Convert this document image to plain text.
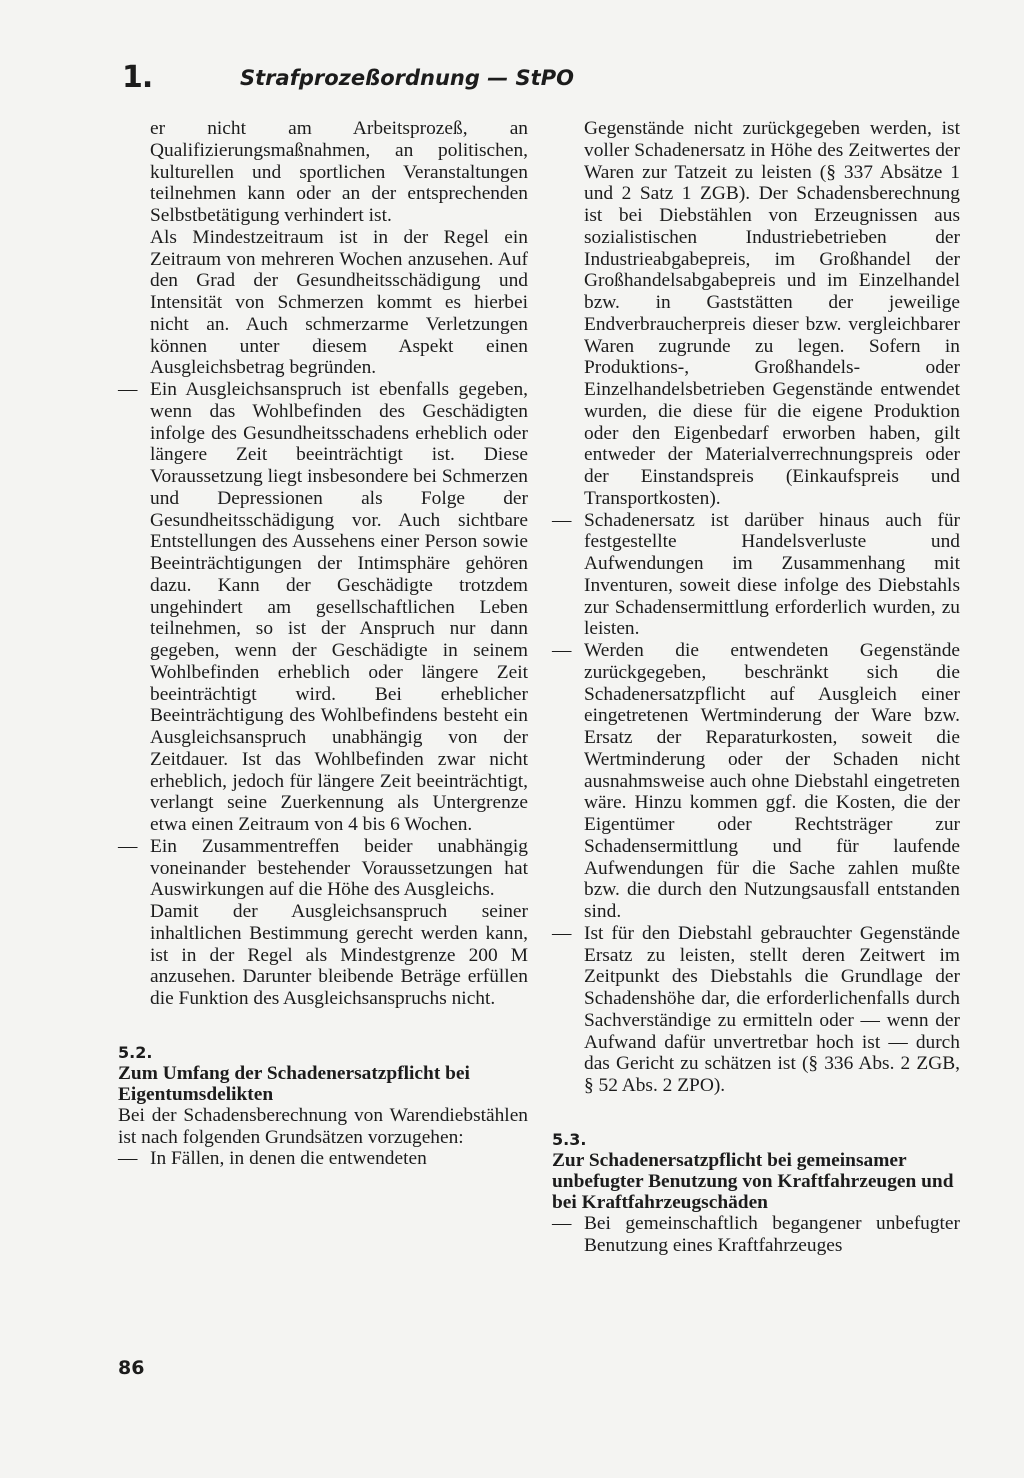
1.	Strafprozeßordnung — StPO

er nicht am Arbeitsprozeß, an Qualifizierungsmaßnahmen, an politischen, kulturellen und sportlichen Veranstaltungen teilnehmen kann oder an der entsprechenden Selbstbetätigung verhindert ist.

Als Mindestzeitraum ist in der Regel ein Zeitraum von mehreren Wochen anzusehen. Auf den Grad der Gesundheitsschädigung und Intensität von Schmerzen kommt es hierbei nicht an. Auch schmerzarme Verletzungen können unter diesem Aspekt einen Ausgleichsbetrag begründen.

— Ein Ausgleichsanspruch ist ebenfalls gegeben, wenn das Wohlbefinden des Geschädigten infolge des Gesundheitsschadens erheblich oder längere Zeit beeinträchtigt ist. Diese Voraussetzung liegt insbesondere bei Schmerzen und Depressionen als Folge der Gesundheitsschädigung vor. Auch sichtbare Entstellungen des Aussehens einer Person sowie Beeinträchtigungen der Intimsphäre gehören dazu. Kann der Geschädigte trotzdem ungehindert am gesellschaftlichen Leben teilnehmen, so ist der Anspruch nur dann gegeben, wenn der Geschädigte in seinem Wohlbefinden erheblich oder längere Zeit beeinträchtigt wird. Bei erheblicher Beeinträchtigung des Wohlbefindens besteht ein Ausgleichsanspruch unabhängig von der Zeitdauer. Ist das Wohlbefinden zwar nicht erheblich, jedoch für längere Zeit beeinträchtigt, verlangt seine Zuerkennung als Untergrenze etwa einen Zeitraum von 4 bis 6 Wochen.
— Ein Zusammentreffen beider unabhängig voneinander bestehender Voraussetzungen hat Auswirkungen auf die Höhe des Ausgleichs.

Damit der Ausgleichsanspruch seiner inhaltlichen Bestimmung gerecht werden kann, ist in der Regel als Mindestgrenze 200 M anzusehen. Darunter bleibende Beträge erfüllen die Funktion des Ausgleichsanspruchs nicht.

5.2.

Zum Umfang der Schadenersatzpflicht bei Eigentumsdelikten

Bei der Schadensberechnung von Warendiebstählen ist nach folgenden Grundsätzen vorzugehen:

— In Fällen, in denen die entwendeten

Gegenstände nicht zurückgegeben werden, ist voller Schadenersatz in Höhe des Zeitwertes der Waren zur Tatzeit zu leisten (§ 337 Absätze 1 und 2 Satz 1 ZGB). Der Schadensberechnung ist bei Diebstählen von Erzeugnissen aus sozialistischen Industriebetrieben der Industrieabgabepreis, im Großhandel der Großhandelsabgabepreis und im Einzelhandel bzw. in Gaststätten der jeweilige Endverbraucherpreis dieser bzw. vergleichbarer Waren zugrunde zu legen. Sofern in Produktions-, Großhandels- oder Einzelhandelsbetrieben Gegenstände entwendet wurden, die diese für die eigene Produktion oder den Eigenbedarf erworben haben, gilt entweder der Materialverrechnungspreis oder der Einstandspreis (Einkaufspreis und Transportkosten).

— Schadenersatz ist darüber hinaus auch für festgestellte Handelsverluste und Aufwendungen im Zusammenhang mit Inventuren, soweit diese infolge des Diebstahls zur Schadensermittlung erforderlich wurden, zu leisten.
— Werden die entwendeten Gegenstände zurückgegeben, beschränkt sich die Schadenersatzpflicht auf Ausgleich einer eingetretenen Wertminderung der Ware bzw. Ersatz der Reparaturkosten, soweit die Wertminderung oder der Schaden nicht ausnahmsweise auch ohne Diebstahl eingetreten wäre. Hinzu kommen ggf. die Kosten, die der Eigentümer oder Rechtsträger zur Schadensermittlung und für laufende Aufwendungen für die Sache zahlen mußte bzw. die durch den Nutzungsausfall entstanden sind.
— Ist für den Diebstahl gebrauchter Gegenstände Ersatz zu leisten, stellt deren Zeitwert im Zeitpunkt des Diebstahls die Grundlage der Schadenshöhe dar, die erforderlichenfalls durch Sachverständige zu ermitteln oder — wenn der Aufwand dafür unvertretbar hoch ist — durch das Gericht zu schätzen ist (§ 336 Abs. 2 ZGB, § 52 Abs. 2 ZPO).

5.3.

Zur Schadenersatzpflicht bei gemeinsamer unbefugter Benutzung von Kraftfahrzeugen und bei Kraftfahrzeugschäden

— Bei gemeinschaftlich begangener unbefugter Benutzung eines Kraftfahrzeuges
86
